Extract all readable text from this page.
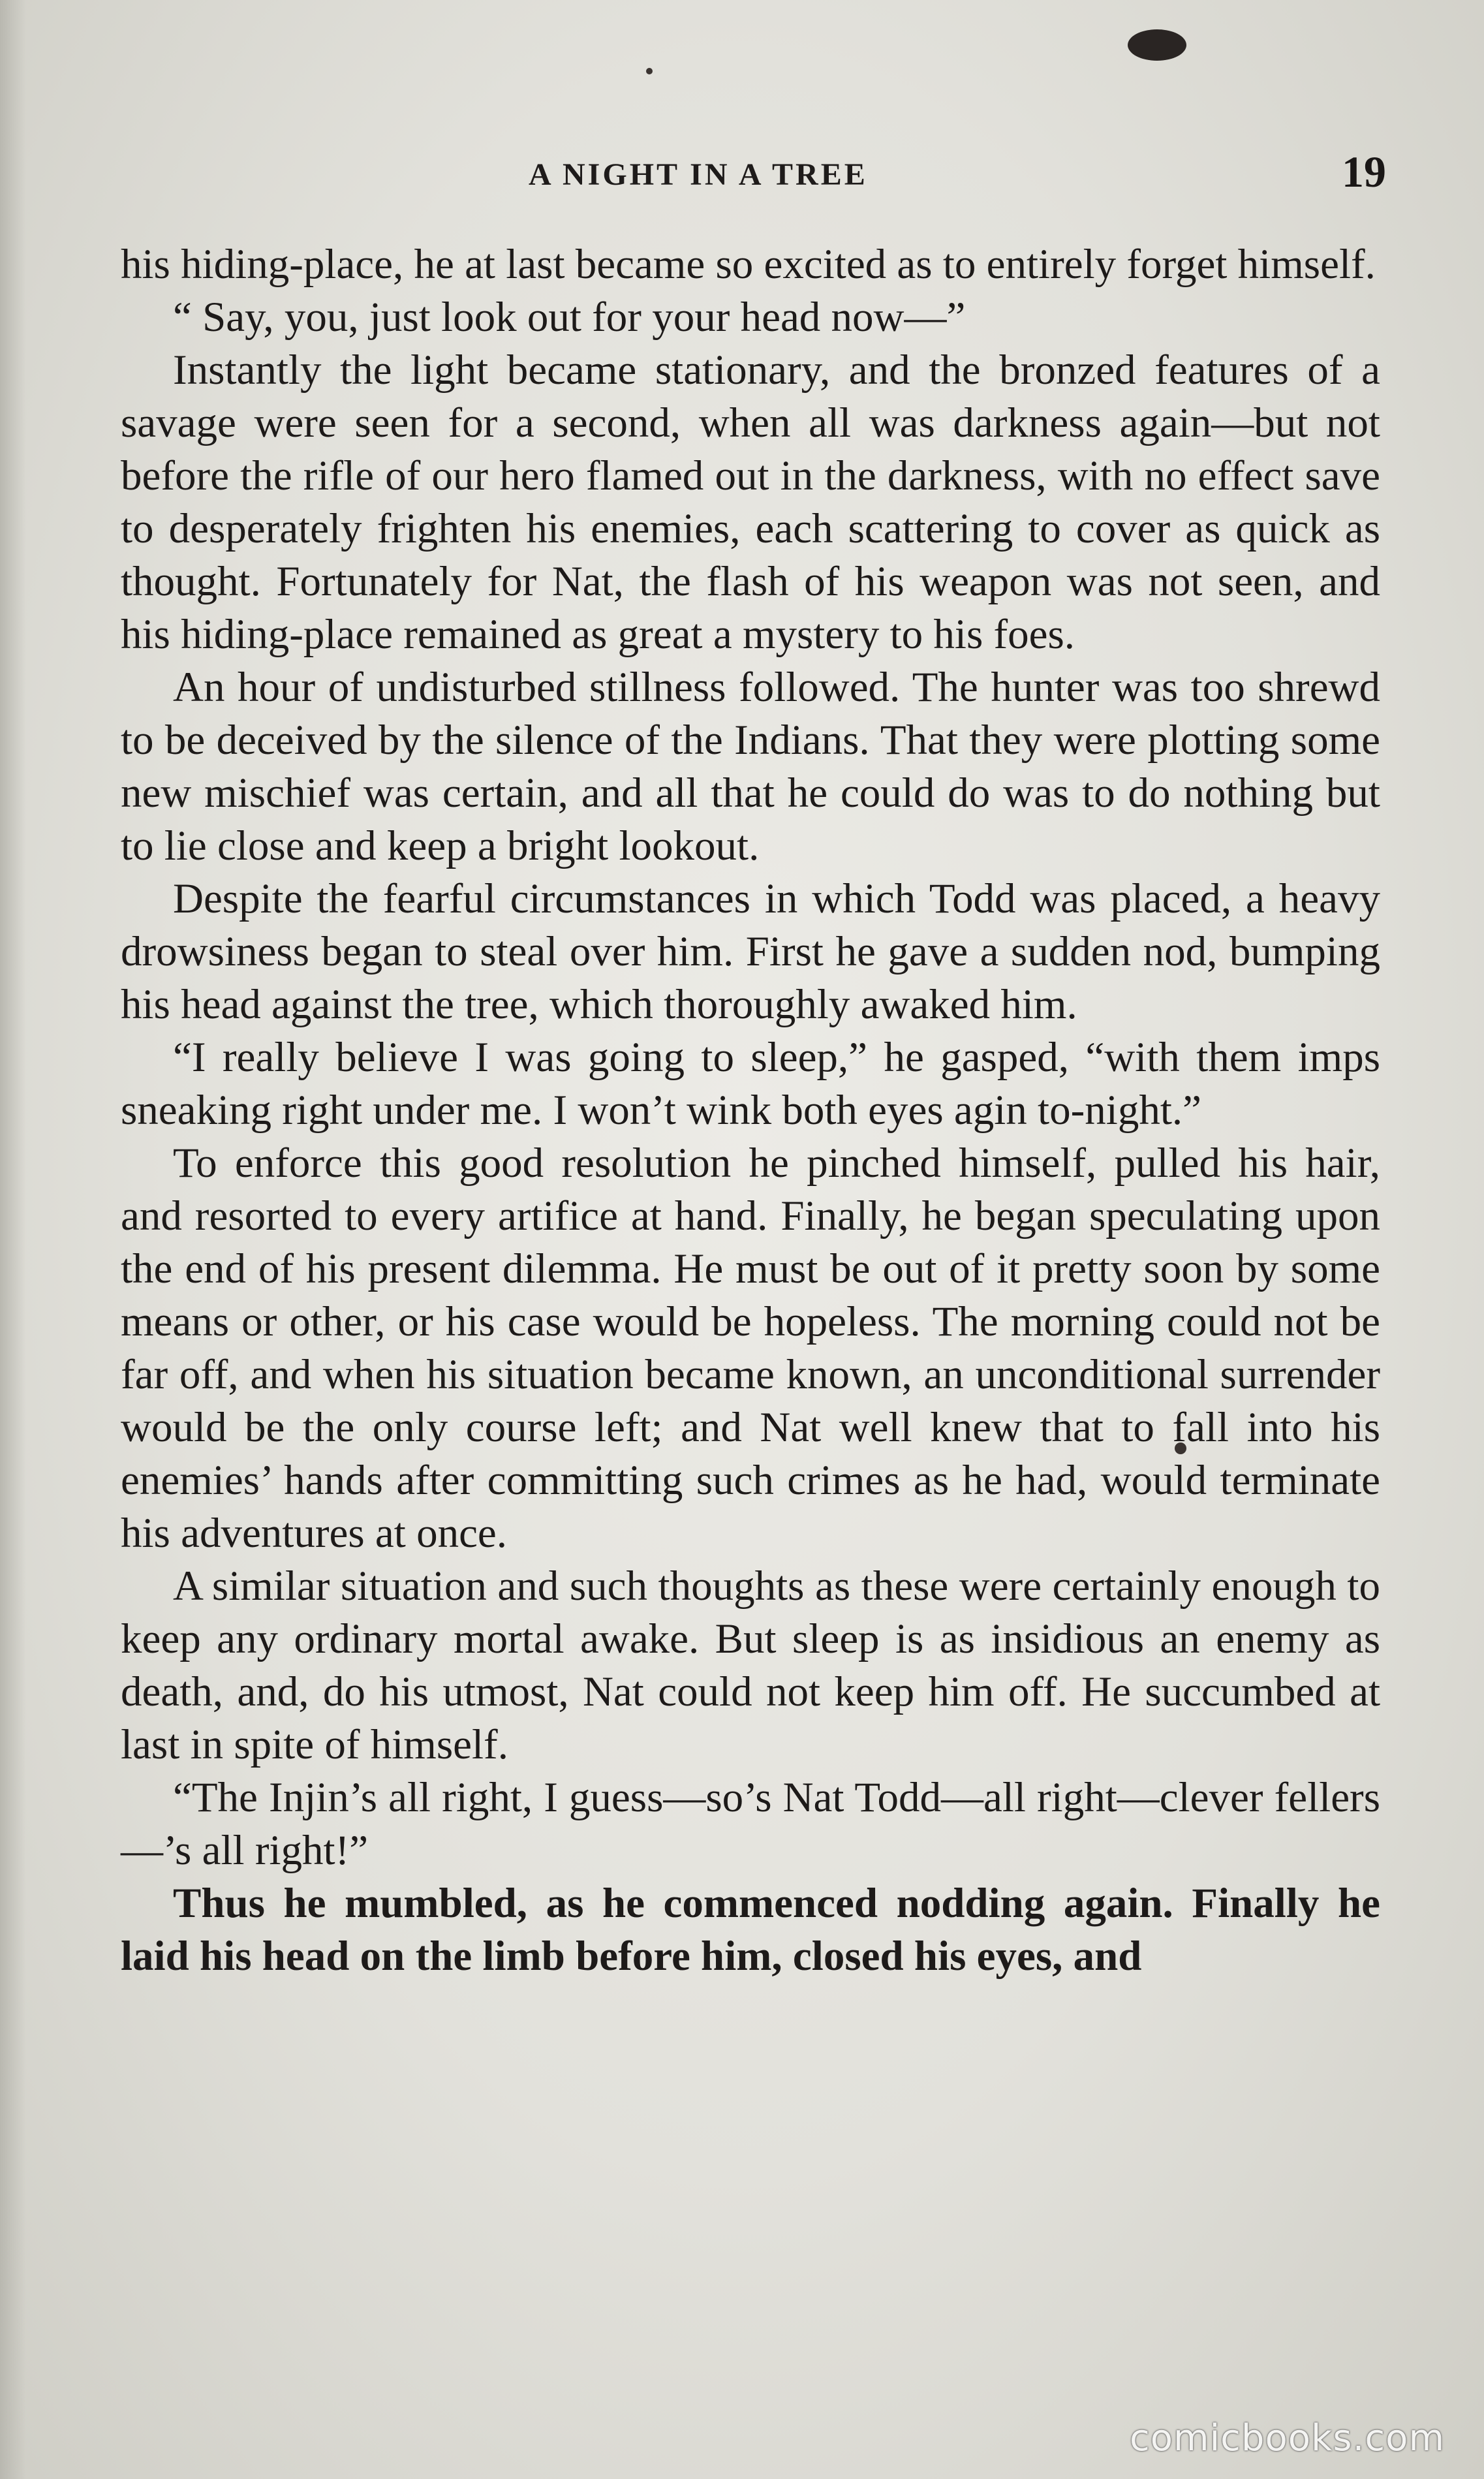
A NIGHT IN A TREE	19

his hiding-place, he at last became so excited as to entirely forget himself.

“ Say, you, just look out for your head now—”

Instantly the light became stationary, and the bronzed features of a savage were seen for a second, when all was darkness again—but not before the rifle of our hero flamed out in the darkness, with no effect save to desperately frighten his enemies, each scattering to cover as quick as thought. Fortunately for Nat, the flash of his weapon was not seen, and his hiding-place remained as great a mystery to his foes.

An hour of undisturbed stillness followed. The hunter was too shrewd to be deceived by the silence of the Indians. That they were plotting some new mischief was certain, and all that he could do was to do nothing but to lie close and keep a bright lookout.

Despite the fearful circumstances in which Todd was placed, a heavy drowsiness began to steal over him. First he gave a sudden nod, bumping his head against the tree, which thoroughly awaked him.

“I really believe I was going to sleep,” he gasped, “with them imps sneaking right under me. I won’t wink both eyes agin to-night.”

To enforce this good resolution he pinched himself, pulled his hair, and resorted to every artifice at hand. Finally, he began speculating upon the end of his present dilemma. He must be out of it pretty soon by some means or other, or his case would be hopeless. The morning could not be far off, and when his situation became known, an unconditional surrender would be the only course left; and Nat well knew that to fall into his enemies’ hands after committing such crimes as he had, would terminate his adventures at once.

A similar situation and such thoughts as these were certainly enough to keep any ordinary mortal awake. But sleep is as insidious an enemy as death, and, do his utmost, Nat could not keep him off. He succumbed at last in spite of himself.

“The Injin’s all right, I guess—so’s Nat Todd—all right—clever fellers—’s all right!”

Thus he mumbled, as he commenced nodding again. Finally he laid his head on the limb before him, closed his eyes, and

comicbooks.com
